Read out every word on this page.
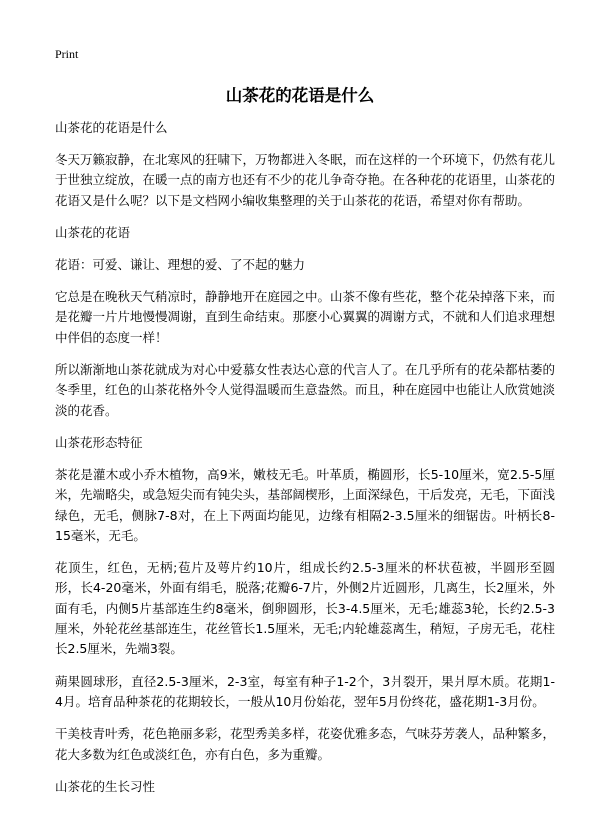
Print
山茶花的花语是什么
山茶花的花语是什么
冬天万籁寂静，在北寒风的狂啸下，万物都进入冬眠，而在这样的一个环境下，仍然有花儿于世独立绽放，在暖一点的南方也还有不少的花儿争奇夺艳。在各种花的花语里，山茶花的花语又是什么呢？以下是文档网小编收集整理的关于山茶花的花语，希望对你有帮助。
山茶花的花语
花语：可爱、谦让、理想的爱、了不起的魅力
它总是在晚秋天气稍凉时，静静地开在庭园之中。山茶不像有些花，整个花朵掉落下来，而是花瓣一片片地慢慢凋谢，直到生命结束。那麽小心翼翼的凋谢方式，不就和人们追求理想中伴侣的态度一样！
所以渐渐地山茶花就成为对心中爱慕女性表达心意的代言人了。在几乎所有的花朵都枯萎的冬季里，红色的山茶花格外令人觉得温暖而生意盎然。而且，种在庭园中也能让人欣赏她淡淡的花香。
山茶花形态特征
茶花是灌木或小乔木植物，高9米，嫩枝无毛。叶革质，椭圆形，长5-10厘米，宽2.5-5厘米，先端略尖，或急短尖而有钝尖头，基部阔楔形，上面深绿色，干后发亮，无毛，下面浅绿色，无毛，侧脉7-8对，在上下两面均能见，边缘有相隔2-3.5厘米的细锯齿。叶柄长8-15毫米，无毛。
花顶生，红色，无柄;苞片及萼片约10片，组成长约2.5-3厘米的杯状苞被，半圆形至圆形，长4-20毫米，外面有绢毛，脱落;花瓣6-7片，外侧2片近圆形，几离生，长2厘米，外面有毛，内侧5片基部连生约8毫米，倒卵圆形，长3-4.5厘米，无毛;雄蕊3轮，长约2.5-3厘米，外轮花丝基部连生，花丝管长1.5厘米，无毛;内轮雄蕊离生，稍短，子房无毛，花柱长2.5厘米，先端3裂。
蒴果圆球形，直径2.5-3厘米，2-3室，每室有种子1-2个，3爿裂开，果爿厚木质。花期1-4月。培育品种茶花的花期较长，一般从10月份始花，翌年5月份终花，盛花期1-3月份。
干美枝青叶秀，花色艳丽多彩，花型秀美多样，花姿优雅多态，气味芬芳袭人，品种繁多，花大多数为红色或淡红色，亦有白色，多为重瓣。
山茶花的生长习性
